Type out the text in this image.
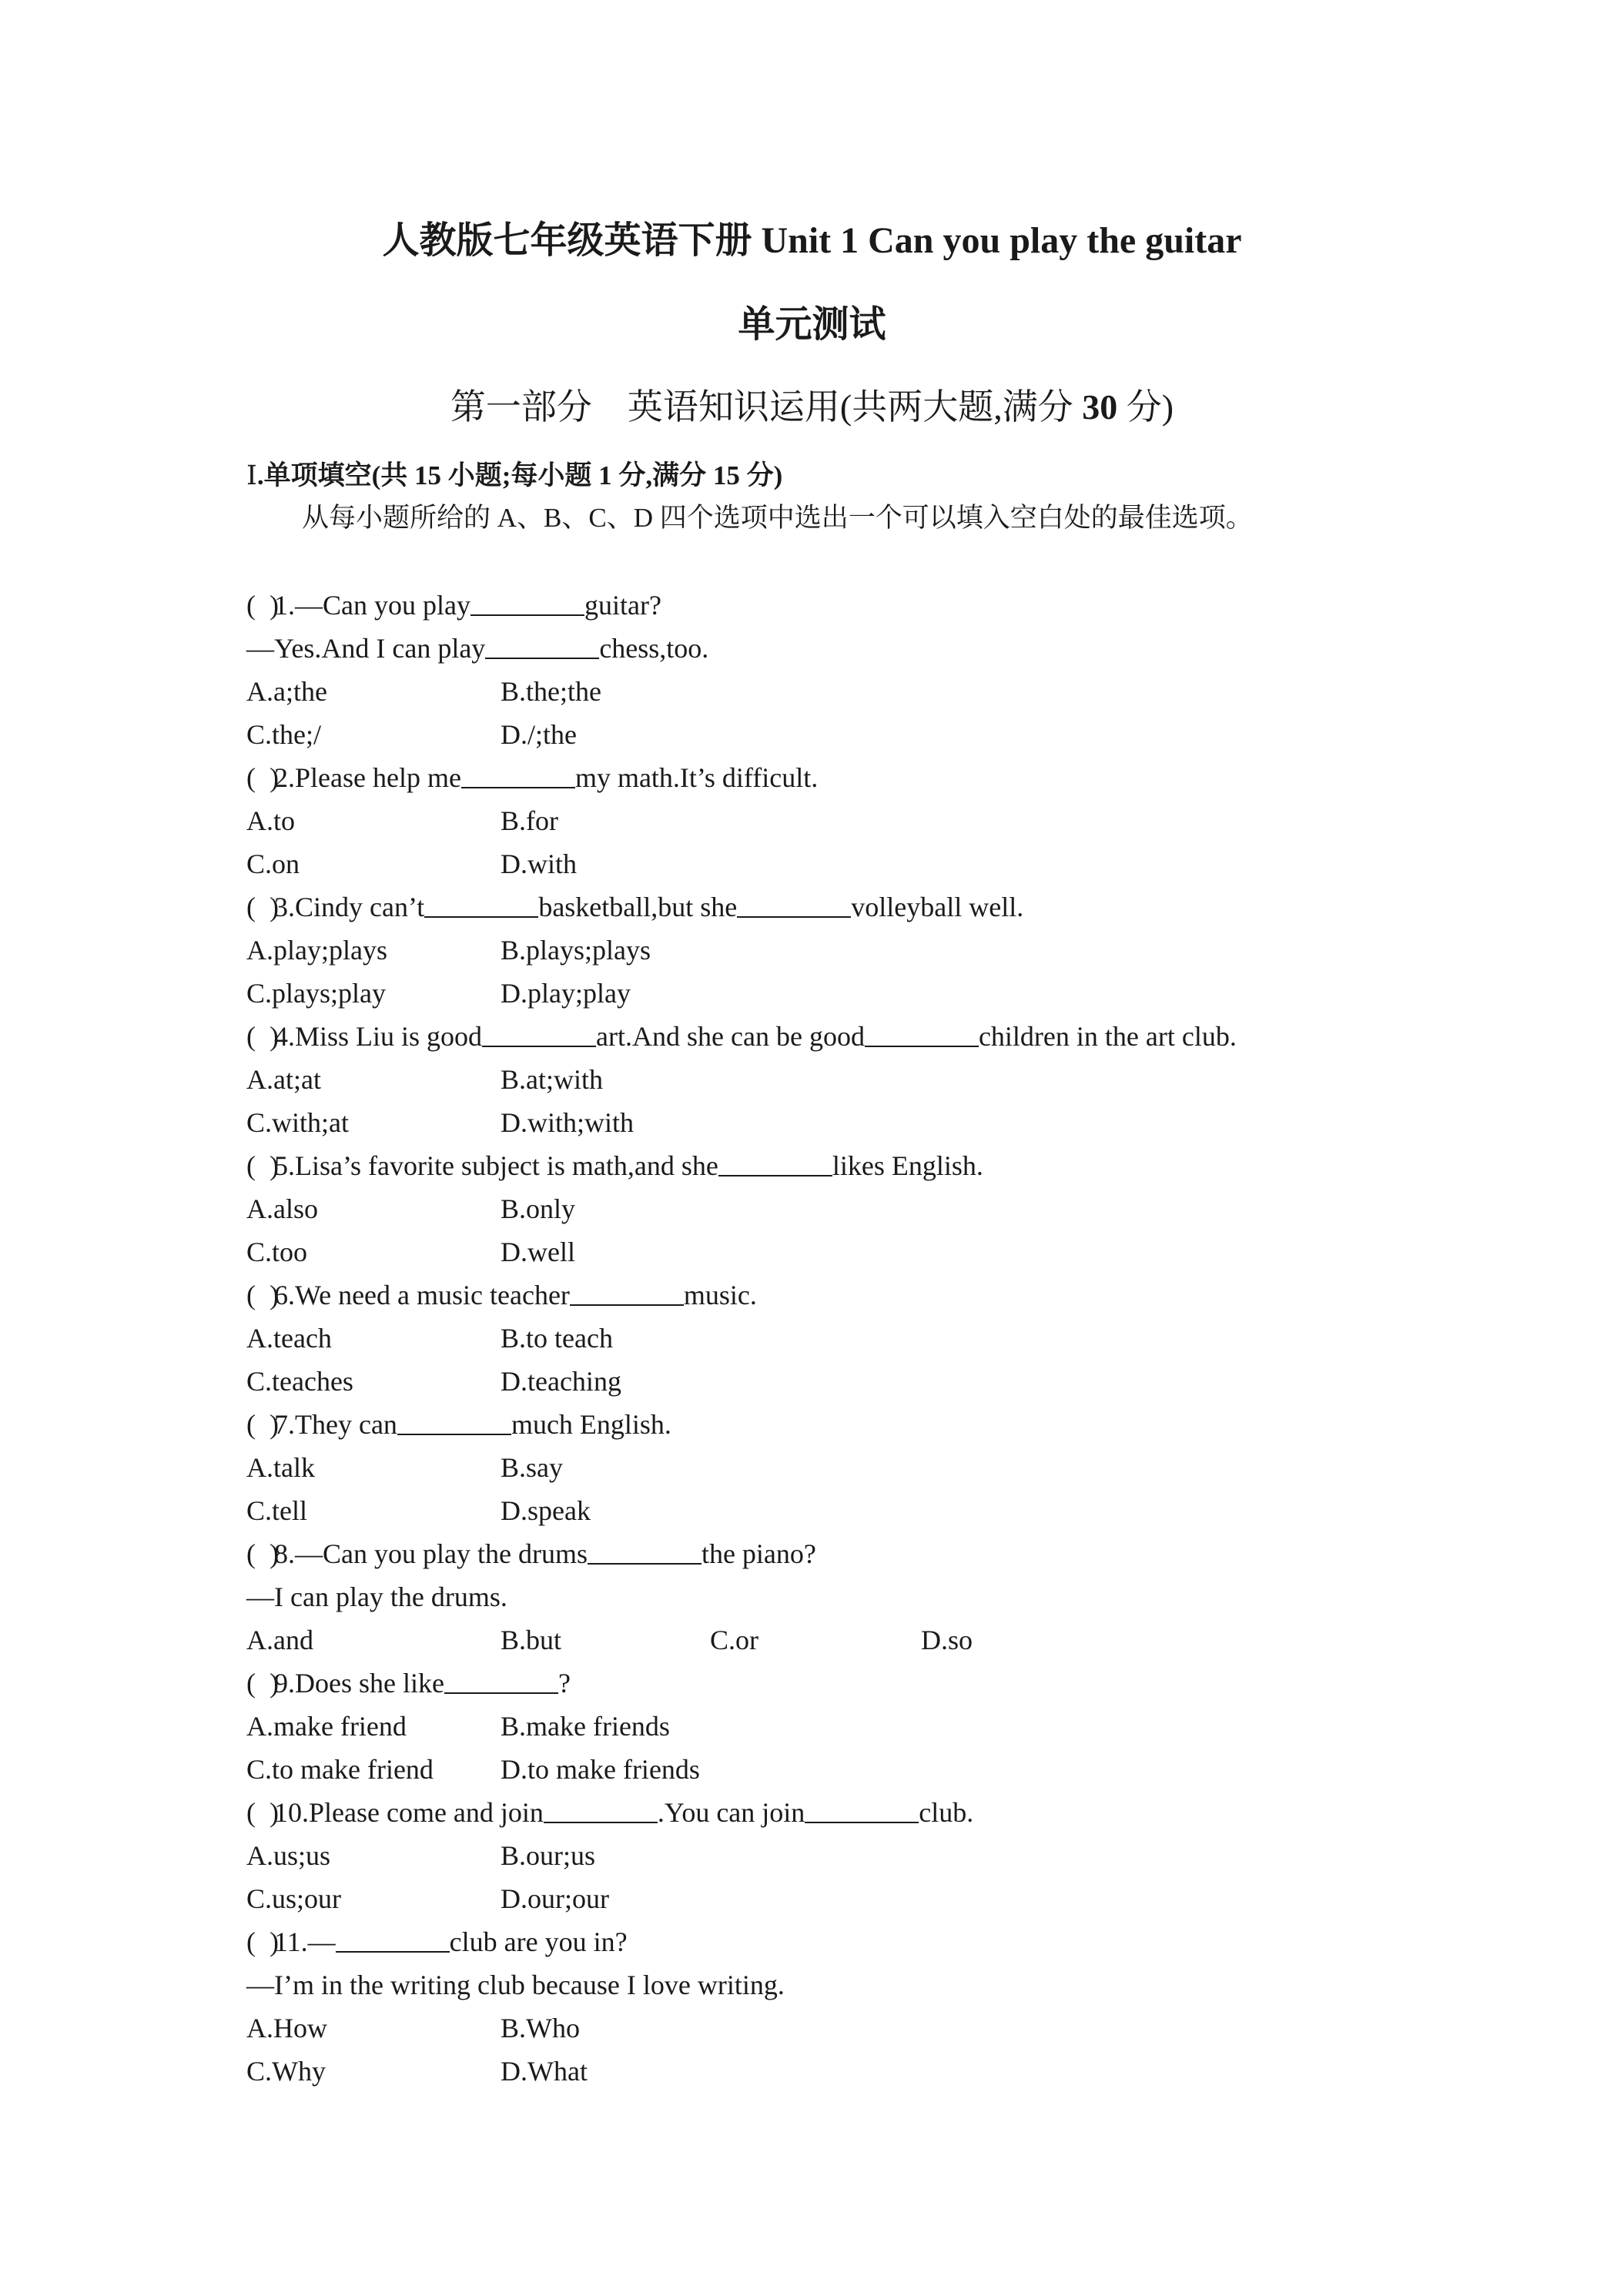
人教版七年级英语下册 Unit 1 Can you play the guitar
单元测试
第一部分　英语知识运用(共两大题,满分 30 分)
Ⅰ.单项填空(共 15 小题;每小题 1 分,满分 15 分)
从每小题所给的 A、B、C、D 四个选项中选出一个可以填入空白处的最佳选项。
(  )1.—Can you play	guitar?
—Yes.And I can play	chess,too.
A.a;the	B.the;the
C.the;/	D./;the
(  )2.Please help me	my math.It’s difficult.
A.to	B.for
C.on	D.with
(  )3.Cindy can’t	basketball,but she	volleyball well.
A.play;plays	B.plays;plays
C.plays;play	D.play;play
(  )4.Miss Liu is good	art.And she can be good	children in the art club.
A.at;at	B.at;with
C.with;at	D.with;with
(  )5.Lisa’s favorite subject is math,and she	likes English.
A.also	B.only
C.too	D.well
(  )6.We need a music teacher	music.
A.teach	B.to teach
C.teaches	D.teaching
(  )7.They can	much English.
A.talk	B.say
C.tell	D.speak
(  )8.—Can you play the drums	the piano?
—I can play the drums.
A.and	B.but	C.or	D.so
(  )9.Does she like	?
A.make friend	B.make friends
C.to make friend D.to make friends
(  )10.Please come and join	.You can join	club.
A.us;us	B.our;us
C.us;our	D.our;our
(  )11.—	club are you in?
—I’m in the writing club because I love writing.
A.How	B.Who
C.Why	D.What
